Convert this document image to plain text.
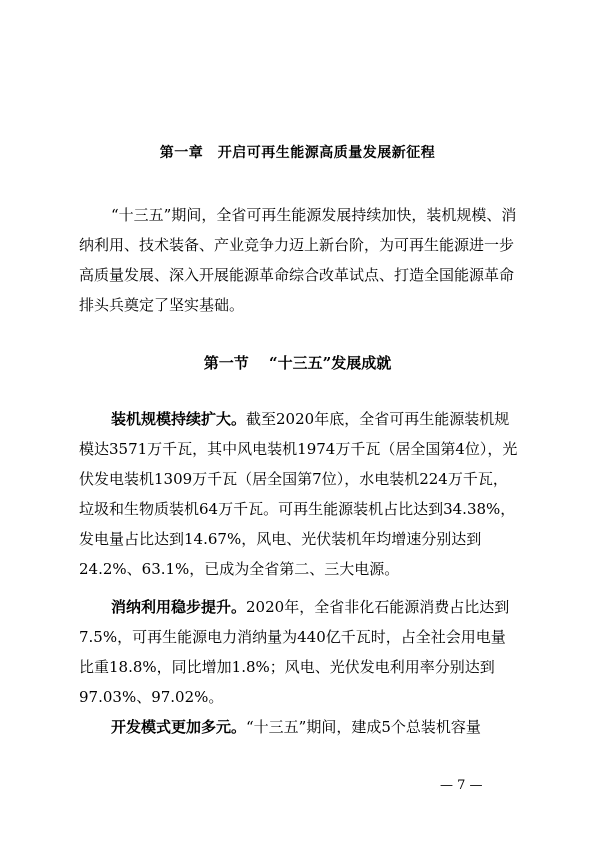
第一章　开启可再生能源高质量发展新征程

“十三五”期间，全省可再生能源发展持续加快，装机规模、消纳利用、技术装备、产业竞争力迈上新台阶，为可再生能源进一步高质量发展、深入开展能源革命综合改革试点、打造全国能源革命排头兵奠定了坚实基础。

第一节　 “十三五”发展成就

装机规模持续扩大。截至2020年底，全省可再生能源装机规模达3571万千瓦，其中风电装机1974万千瓦（居全国第4位），光伏发电装机1309万千瓦（居全国第7位），水电装机224万千瓦，垃圾和生物质装机64万千瓦。可再生能源装机占比达到34.38%，发电量占比达到14.67%，风电、光伏装机年均增速分别达到24.2%、63.1%，已成为全省第二、三大电源。

消纳利用稳步提升。2020年，全省非化石能源消费占比达到7.5%，可再生能源电力消纳量为440亿千瓦时，占全社会用电量比重18.8%，同比增加1.8%；风电、光伏发电利用率分别达到97.03%、97.02%。

开发模式更加多元。“十三五”期间，建成5个总装机容量

— 7 —
